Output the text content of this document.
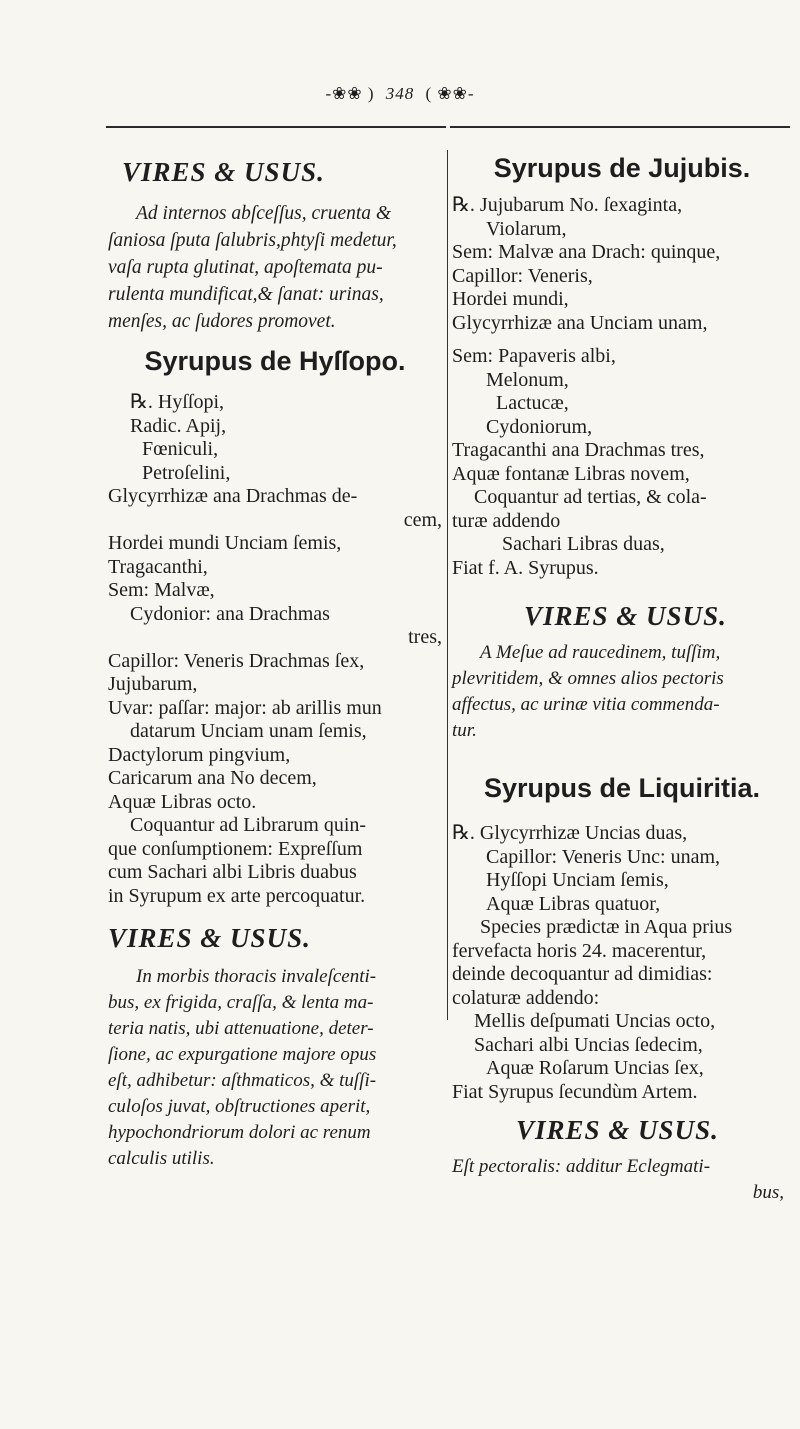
-❀❀ ) 348 ( ❀❀-
VIRES & USUS.

Ad internos abſceſſus, cruenta &

ſaniosa ſputa ſalubris,phtyſi medetur,

vaſa rupta glutinat, apoſtemata pu-

rulenta mundificat,& ſanat: urinas,

menſes, ac ſudores promovet.

Syrupus de Hyſſopo.

℞. Hyſſopi,

Radic. Apij,

Fœniculi,

Petroſelini,

Glycyrrhizæ ana Drachmas de-

cem,

Hordei mundi Unciam ſemis,

Tragacanthi,

Sem: Malvæ,

Cydonior: ana Drachmas

tres,

Capillor: Veneris Drachmas ſex,

Jujubarum,

Uvar: paſſar: major: ab arillis mun

datarum Unciam unam ſemis,

Dactylorum pingvium,

Caricarum ana No decem,

Aquæ Libras octo.

Coquantur ad Librarum quin-

que conſumptionem: Expreſſum

cum Sachari albi Libris duabus

in Syrupum ex arte percoquatur.

VIRES & USUS.

In morbis thoracis invaleſcenti-

bus, ex frigida, craſſa, & lenta ma-

teria natis, ubi attenuatione, deter-

ſione, ac expurgatione majore opus

eſt, adhibetur: aſthmaticos, & tuſſi-

culoſos juvat, obſtructiones aperit,

hypochondriorum dolori ac renum

calculis utilis.

Syrupus de Jujubis.

℞. Jujubarum No. ſexaginta,

Violarum,

Sem: Malvæ ana Drach: quinque,

Capillor: Veneris,

Hordei mundi,

Glycyrrhizæ ana Unciam unam,

Sem: Papaveris albi,

Melonum,

Lactucæ,

Cydoniorum,

Tragacanthi ana Drachmas tres,

Aquæ fontanæ Libras novem,

Coquantur ad tertias, & cola-

turæ addendo

Sachari Libras duas,

Fiat f. A. Syrupus.

VIRES & USUS.

A Meſue ad raucedinem, tuſſim,

plevritidem, & omnes alios pectoris

affectus, ac urinæ vitia commenda-

tur.

Syrupus de Liquiritia.

℞. Glycyrrhizæ Uncias duas,

Capillor: Veneris Unc: unam,

Hyſſopi Unciam ſemis,

Aquæ Libras quatuor,

Species prædictæ in Aqua prius

fervefacta horis 24. macerentur,

deinde decoquantur ad dimidias:

colaturæ addendo:

Mellis deſpumati Uncias octo,

Sachari albi Uncias ſedecim,

Aquæ Roſarum Uncias ſex,

Fiat Syrupus ſecundùm Artem.

VIRES & USUS.

Eſt pectoralis: additur Eclegmati-

bus,
